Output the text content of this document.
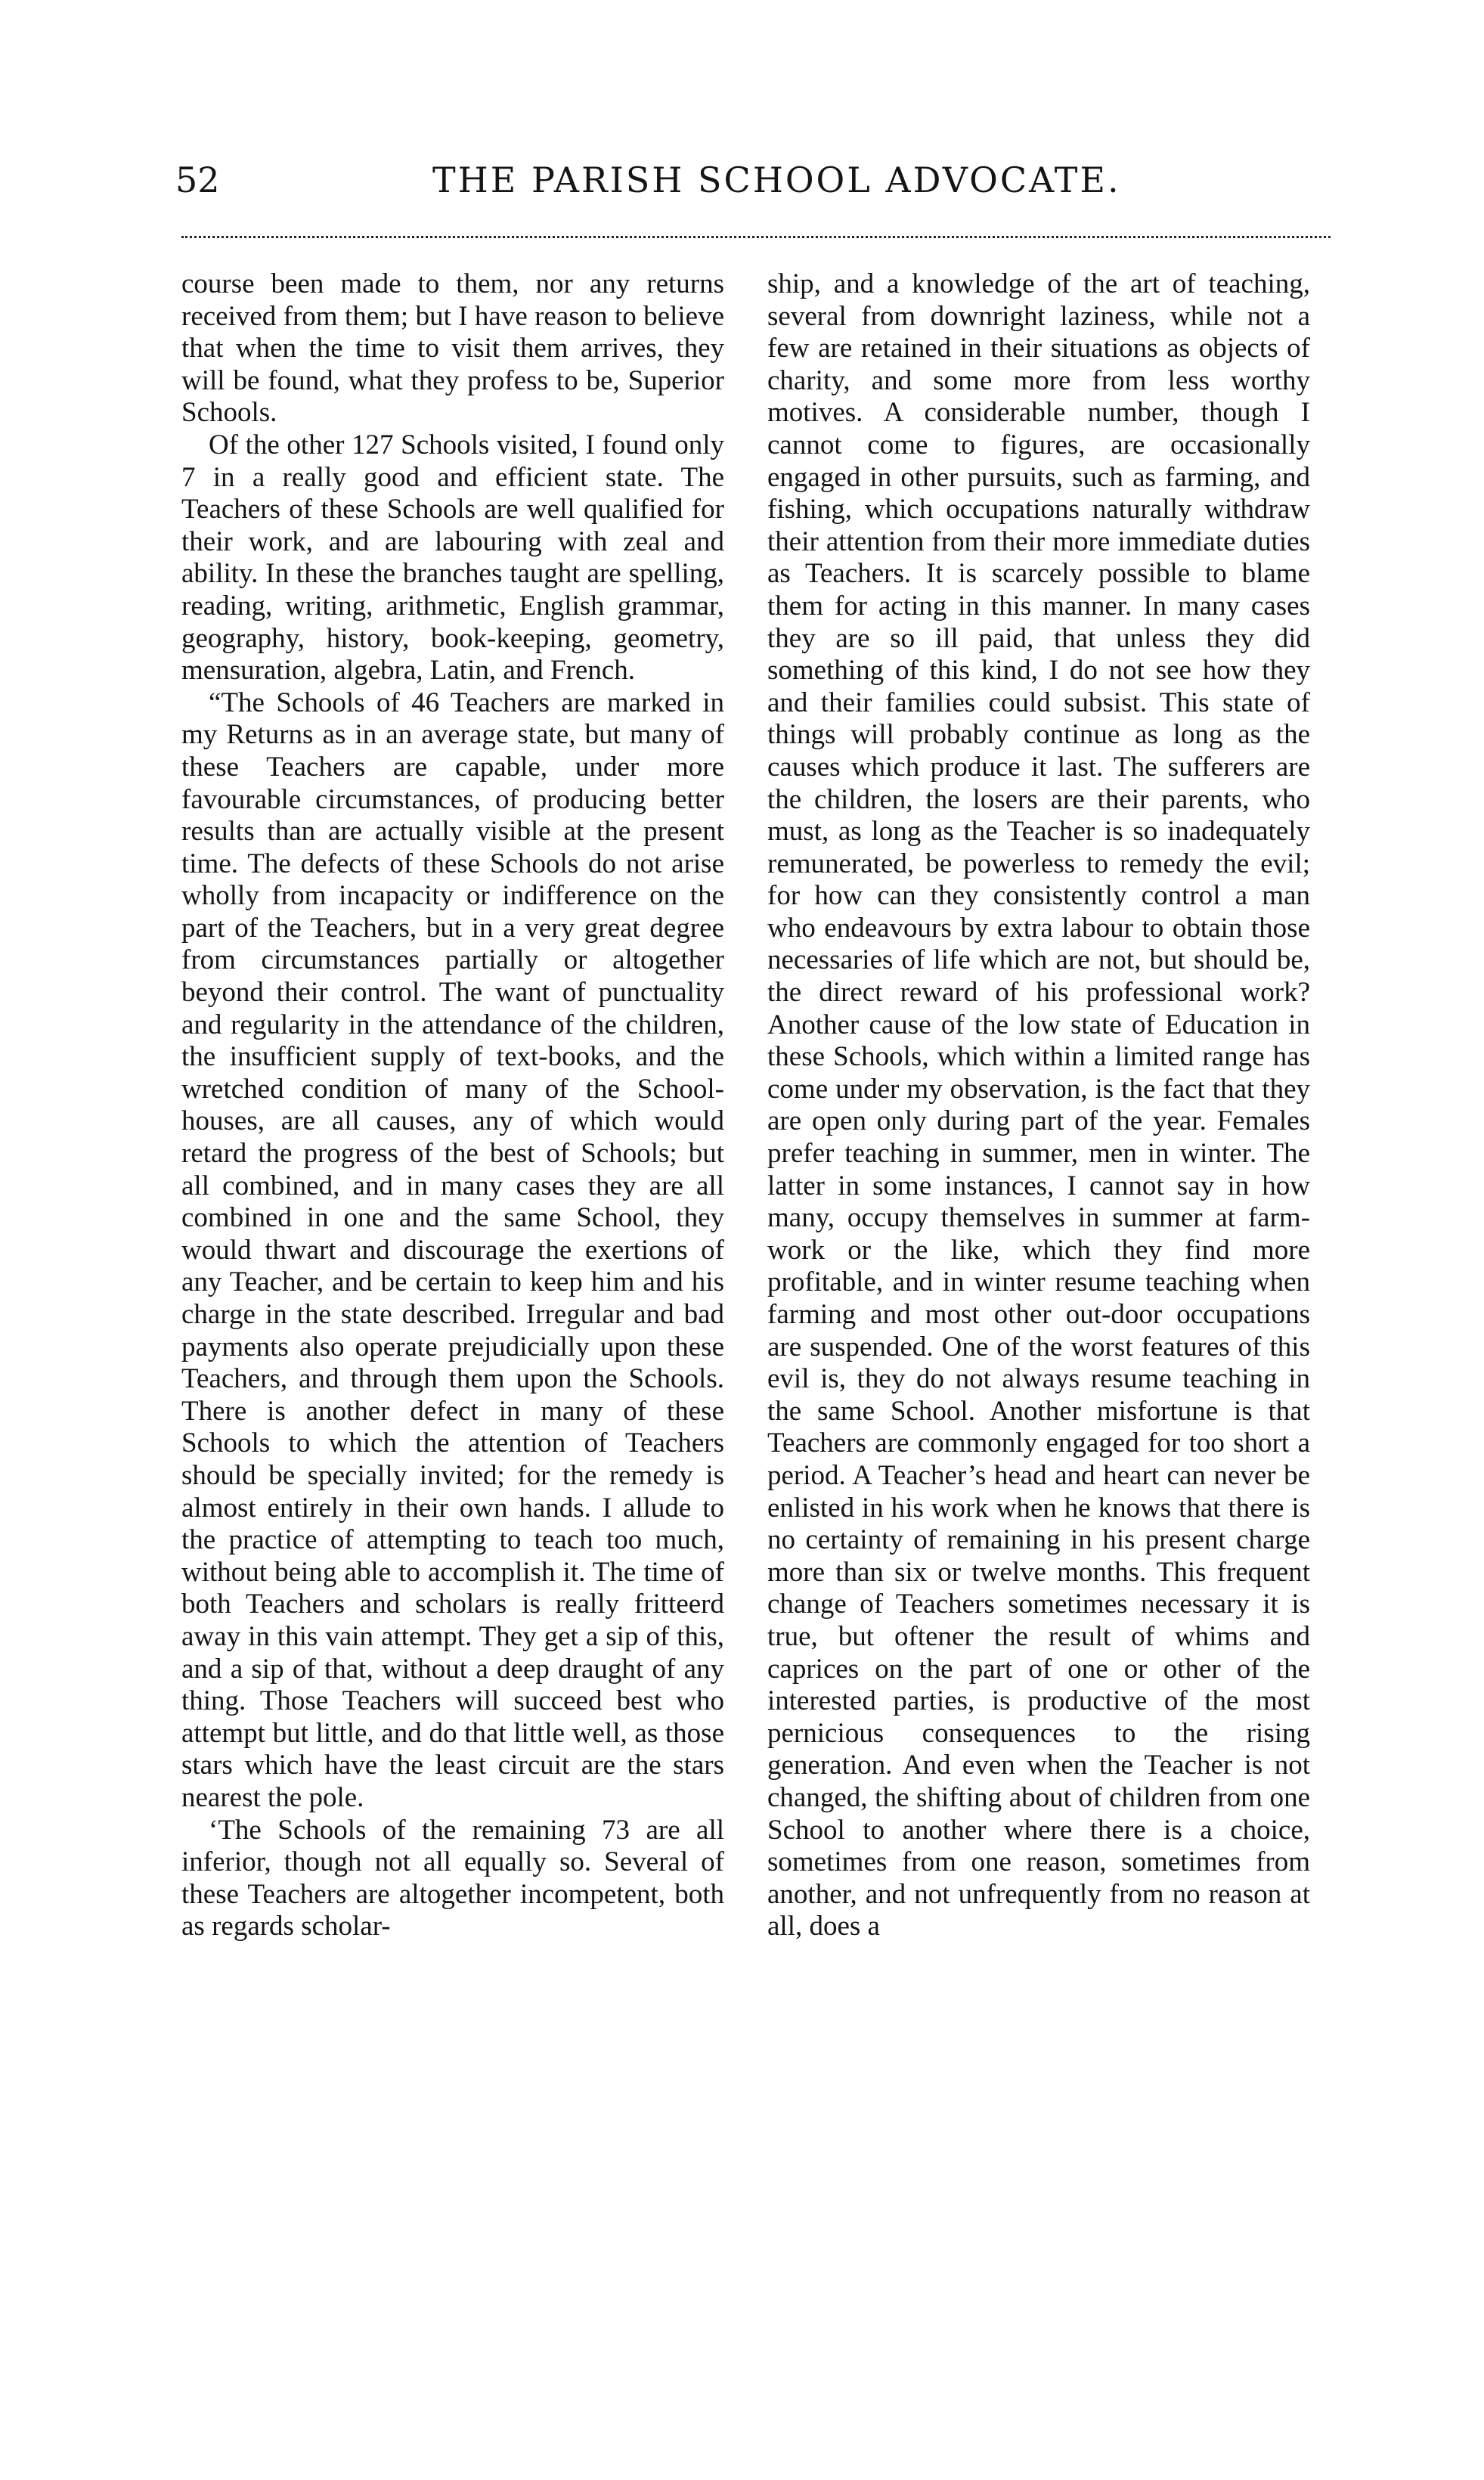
52	THE PARISH SCHOOL ADVOCATE.

course been made to them, nor any returns received from them; but I have reason to believe that when the time to visit them arrives, they will be found, what they profess to be, Superior Schools.

Of the other 127 Schools visited, I found only 7 in a really good and efficient state. The Teachers of these Schools are well qualified for their work, and are labouring with zeal and ability. In these the branches taught are spelling, reading, writing, arithmetic, English grammar, geography, history, book-keeping, geometry, mensuration, algebra, Latin, and French.

“The Schools of 46 Teachers are marked in my Returns as in an average state, but many of these Teachers are capable, under more favourable circumstances, of producing better results than are actually visible at the present time. The defects of these Schools do not arise wholly from incapacity or indifference on the part of the Teachers, but in a very great degree from circumstances partially or altogether beyond their control. The want of punctuality and regularity in the attendance of the children, the insufficient supply of text-books, and the wretched condition of many of the School-houses, are all causes, any of which would retard the progress of the best of Schools; but all combined, and in many cases they are all combined in one and the same School, they would thwart and discourage the exertions of any Teacher, and be certain to keep him and his charge in the state described. Irregular and bad payments also operate prejudicially upon these Teachers, and through them upon the Schools. There is another defect in many of these Schools to which the attention of Teachers should be specially invited; for the remedy is almost entirely in their own hands. I allude to the practice of attempting to teach too much, without being able to accomplish it. The time of both Teachers and scholars is really fritteerd away in this vain attempt. They get a sip of this, and a sip of that, without a deep draught of any thing. Those Teachers will succeed best who attempt but little, and do that little well, as those stars which have the least circuit are the stars nearest the pole.

‘The Schools of the remaining 73 are all inferior, though not all equally so. Several of these Teachers are altogether incompetent, both as regards scholar-

ship, and a knowledge of the art of teaching, several from downright laziness, while not a few are retained in their situations as objects of charity, and some more from less worthy motives. A considerable number, though I cannot come to figures, are occasionally engaged in other pursuits, such as farming, and fishing, which occupations naturally withdraw their attention from their more immediate duties as Teachers. It is scarcely possible to blame them for acting in this manner. In many cases they are so ill paid, that unless they did something of this kind, I do not see how they and their families could subsist. This state of things will probably continue as long as the causes which produce it last. The sufferers are the children, the losers are their parents, who must, as long as the Teacher is so inadequately remunerated, be powerless to remedy the evil; for how can they consistently control a man who endeavours by extra labour to obtain those necessaries of life which are not, but should be, the direct reward of his professional work? Another cause of the low state of Education in these Schools, which within a limited range has come under my observation, is the fact that they are open only during part of the year. Females prefer teaching in summer, men in winter. The latter in some instances, I cannot say in how many, occupy themselves in summer at farm-work or the like, which they find more profitable, and in winter resume teaching when farming and most other out-door occupations are suspended. One of the worst features of this evil is, they do not always resume teaching in the same School. Another misfortune is that Teachers are commonly engaged for too short a period. A Teacher’s head and heart can never be enlisted in his work when he knows that there is no certainty of remaining in his present charge more than six or twelve months. This frequent change of Teachers sometimes necessary it is true, but oftener the result of whims and caprices on the part of one or other of the interested parties, is productive of the most pernicious consequences to the rising generation. And even when the Teacher is not changed, the shifting about of children from one School to another where there is a choice, sometimes from one reason, sometimes from another, and not unfrequently from no reason at all, does a
